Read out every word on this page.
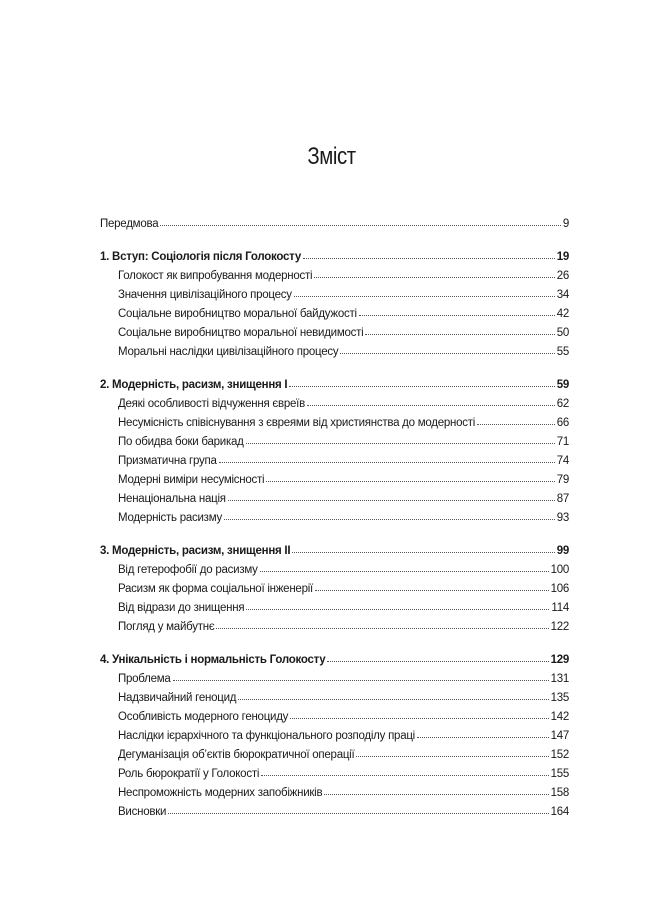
Зміст
Передмова	9
1. Вступ: Соціологія після Голокосту	19
Голокост як випробування модерності	26
Значення цивілізаційного процесу	34
Соціальне виробництво моральної байдужості	42
Соціальне виробництво моральної невидимості	50
Моральні наслідки цивілізаційного процесу	55
2. Модерність, расизм, знищення I	59
Деякі особливості відчуження євреїв	62
Несумісність співіснування з євреями від християнства до модерності	66
По обидва боки барикад	71
Призматична група	74
Модерні виміри несумісності	79
Ненаціональна нація	87
Модерність расизму	93
3. Модерність, расизм, знищення II	99
Від гетерофобії до расизму	100
Расизм як форма соціальної інженерії	106
Від відрази до знищення	114
Погляд у майбутнє	122
4. Унікальність і нормальність Голокосту	129
Проблема	131
Надзвичайний геноцид	135
Особливість модерного геноциду	142
Наслідки ієрархічного та функціонального розподілу праці	147
Дегуманізація об’єктів бюрократичної операції	152
Роль бюрократії у Голокості	155
Неспроможність модерних запобіжників	158
Висновки	164
